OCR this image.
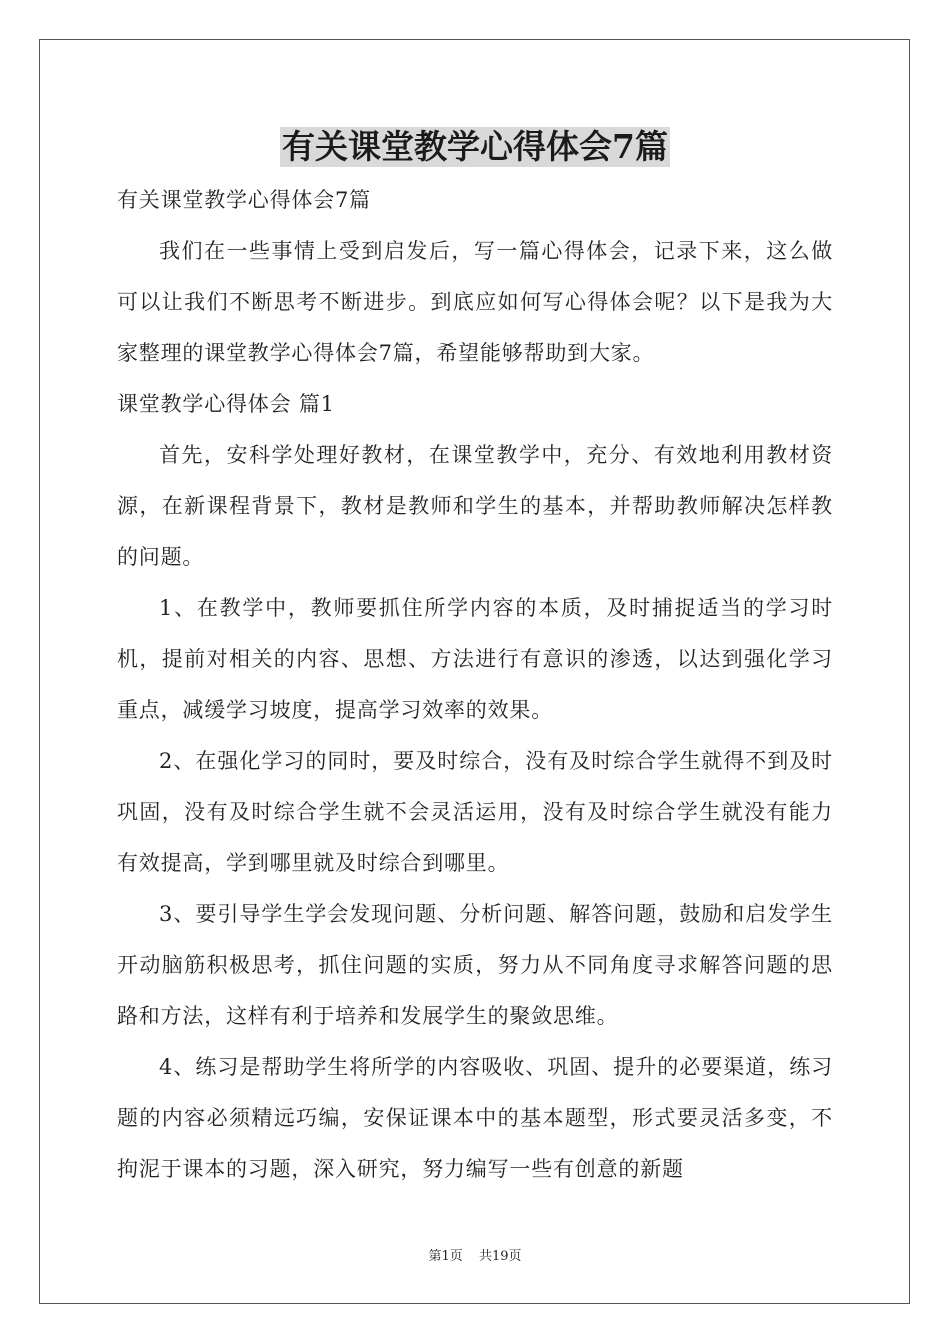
有关课堂教学心得体会7篇
有关课堂教学心得体会7篇

我们在一些事情上受到启发后，写一篇心得体会，记录下来，这么做可以让我们不断思考不断进步。到底应如何写心得体会呢？以下是我为大家整理的课堂教学心得体会7篇，希望能够帮助到大家。

课堂教学心得体会 篇1

首先，安科学处理好教材，在课堂教学中，充分、有效地利用教材资源，在新课程背景下，教材是教师和学生的基本，并帮助教师解决怎样教的问题。

1、在教学中，教师要抓住所学内容的本质，及时捕捉适当的学习时机，提前对相关的内容、思想、方法进行有意识的渗透，以达到强化学习重点，减缓学习坡度，提高学习效率的效果。

2、在强化学习的同时，要及时综合，没有及时综合学生就得不到及时巩固，没有及时综合学生就不会灵活运用，没有及时综合学生就没有能力有效提高，学到哪里就及时综合到哪里。

3、要引导学生学会发现问题、分析问题、解答问题，鼓励和启发学生开动脑筋积极思考，抓住问题的实质，努力从不同角度寻求解答问题的思路和方法，这样有利于培养和发展学生的聚敛思维。

4、练习是帮助学生将所学的内容吸收、巩固、提升的必要渠道，练习题的内容必须精远巧编，安保证课本中的基本题型，形式要灵活多变，不拘泥于课本的习题，深入研究，努力编写一些有创意的新题

第1页 共19页
